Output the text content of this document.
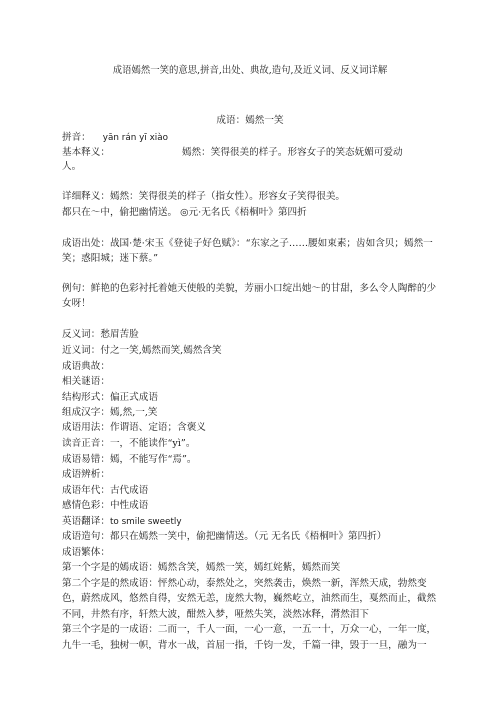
成语嫣然一笑的意思,拼音,出处、典故,造句,及近义词、反义词详解
成语：嫣然一笑
拼音： yān rán yī xiào
基本释义：	嫣然：笑得很美的样子。形容女子的笑态妩媚可爱动
人。
详细释义：嫣然：笑得很美的样子（指女性）。形容女子笑得很美。
都只在～中，偷把幽情送。 ◎元·无名氏《梧桐叶》第四折
成语出处：战国·楚·宋玉《登徒子好色赋》：“东家之子……腰如束素；齿如含贝；嫣然一
笑；惑阳城；迷下蔡。”
例句：鲜艳的色彩衬托着她天使般的美貌，芳丽小口绽出她～的甘甜，多么令人陶醉的少
女呀！
反义词：愁眉苦脸
近义词：付之一笑,嫣然而笑,嫣然含笑
成语典故：
相关谜语：
结构形式：偏正式成语
组成汉字：嫣,然,一,笑
成语用法：作谓语、定语；含褒义
读音正音：一，不能读作“yì”。
成语易错：嫣，不能写作“焉”。
成语辨析：
成语年代：古代成语
感情色彩：中性成语
英语翻译：to smile sweetly
成语造句：都只在嫣然一笑中，偷把幽情送。（元 无名氏《梧桐叶》第四折）
成语繁体：
第一个字是的嫣成语：嫣然含笑，嫣然一笑，嫣红姹紫，嫣然而笑
第二个字是的然成语：怦然心动，泰然处之，突然袭击，焕然一新，浑然天成，勃然变
色，蔚然成风，悠然自得，安然无恙，庞然大物，巍然屹立，油然而生，戛然而止，截然
不同，井然有序，轩然大波，酣然入梦，哑然失笑，淡然冰释，潸然泪下
第三个字是的一成语：二而一，千人一面，一心一意，一五一十，万众一心，一年一度，
九牛一毛，独树一帜，背水一战，首屈一指，千钧一发，千篇一律，毁于一旦，融为一
